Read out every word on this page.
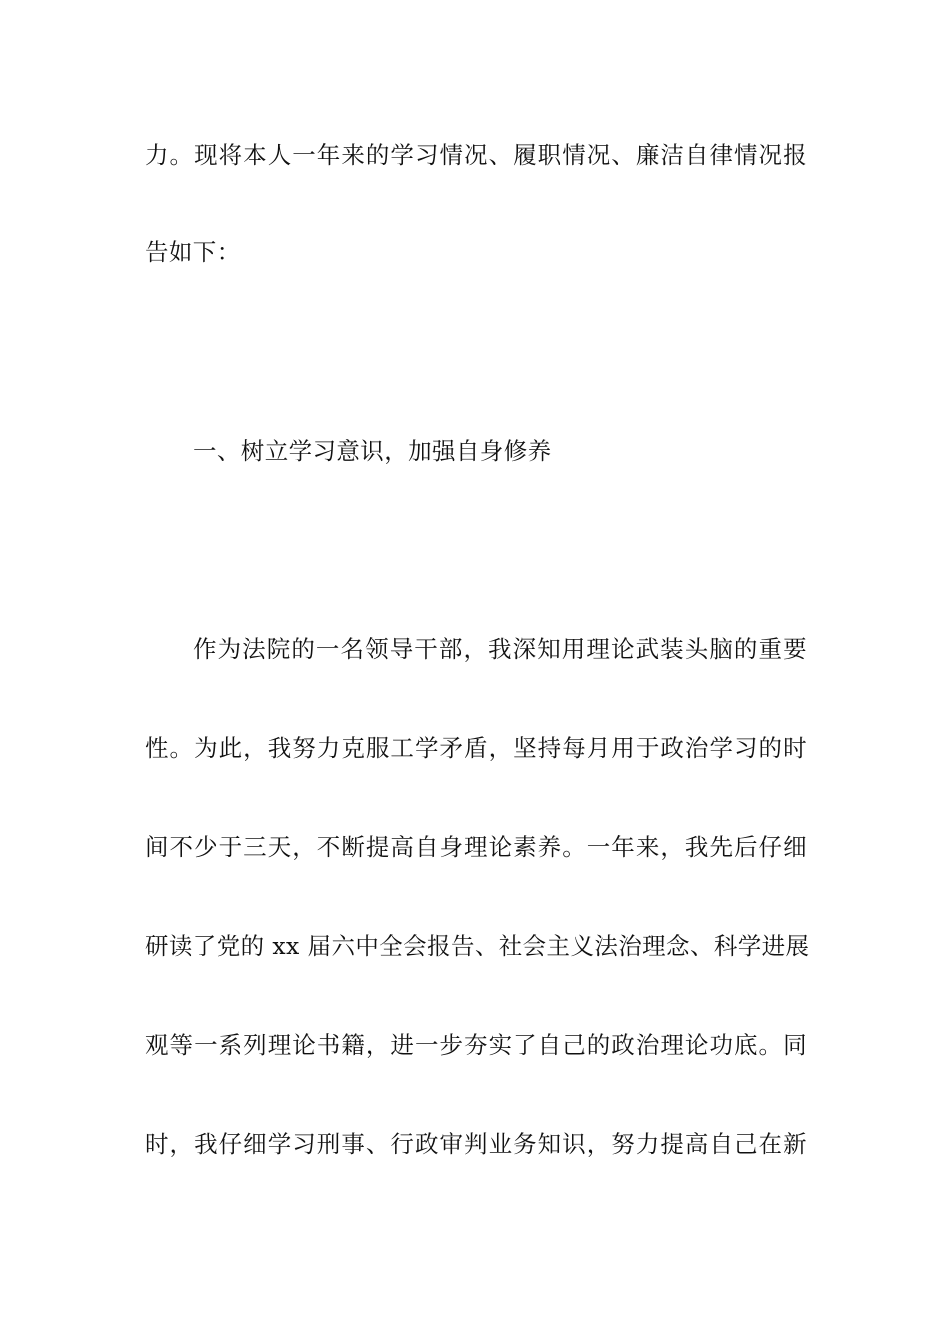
力。现将本人一年来的学习情况、履职情况、廉洁自律情况报
告如下：
一、树立学习意识，加强自身修养
作为法院的一名领导干部，我深知用理论武装头脑的重要
性。为此，我努力克服工学矛盾，坚持每月用于政治学习的时
间不少于三天，不断提高自身理论素养。一年来，我先后仔细
研读了党的 xx 届六中全会报告、社会主义法治理念、科学进展
观等一系列理论书籍，进一步夯实了自己的政治理论功底。同
时，我仔细学习刑事、行政审判业务知识，努力提高自己在新
